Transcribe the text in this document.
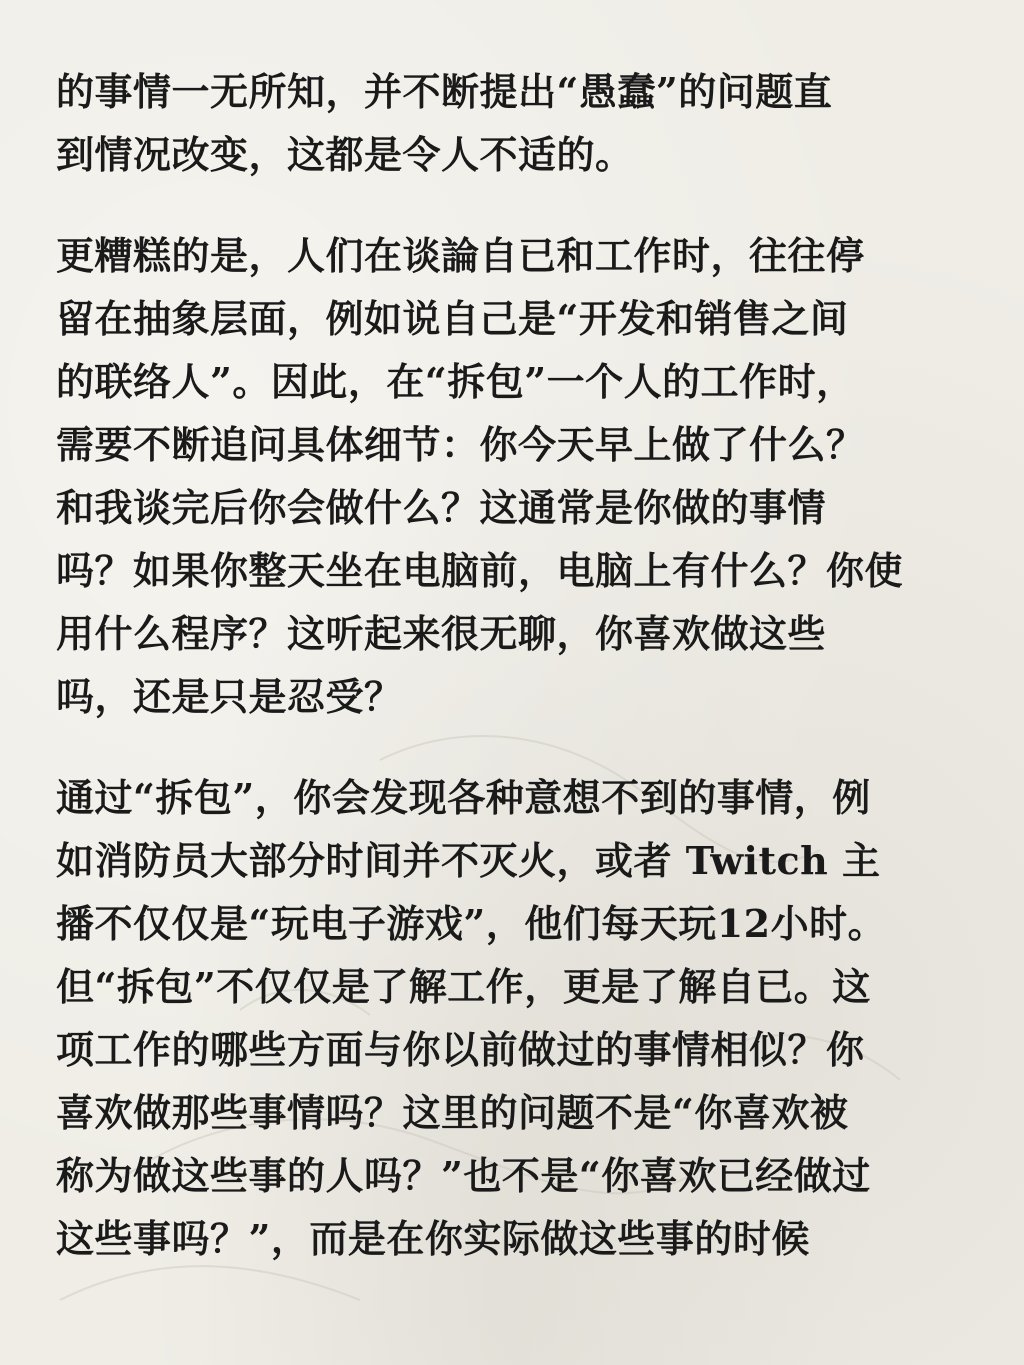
的事情一无所知，并不断提出“愚蠢”的问题直
到情况改变，这都是令人不适的。
更糟糕的是，人们在谈論自已和工作时，往往停
留在抽象层面，例如说自己是“开发和销售之间
的联络人”。因此，在“拆包”一个人的工作时，
需要不断追问具体细节：你今天早上做了什么？
和我谈完后你会做什么？这通常是你做的事情
吗？如果你整天坐在电脑前，电脑上有什么？你使
用什么程序？这听起来很无聊，你喜欢做这些
吗，还是只是忍受？
通过“拆包”，你会发现各种意想不到的事情，例
如消防员大部分时间并不灭火，或者 Twitch 主
播不仅仅是“玩电子游戏”，他们每天玩12小时。
但“拆包”不仅仅是了解工作，更是了解自已。这
项工作的哪些方面与你以前做过的事情相似？你
喜欢做那些事情吗？这里的问题不是“你喜欢被
称为做这些事的人吗？”也不是“你喜欢已经做过
这些事吗？”，而是在你实际做这些事的时候
